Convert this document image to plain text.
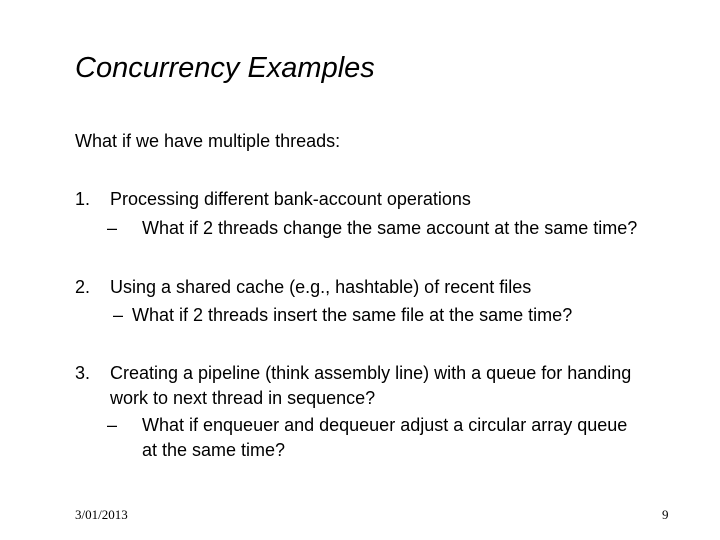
Concurrency Examples
What if we have multiple threads:
1.	Processing different bank-account operations
– What if 2 threads change the same account at the same time?
2.	Using a shared cache (e.g., hashtable) of recent files
– What if 2 threads insert the same file at the same time?
3.	Creating a pipeline (think assembly line) with a queue for handing
work to next thread in sequence?
– What if enqueuer and dequeuer adjust a circular array queue
at the same time?
3/01/2013	9
